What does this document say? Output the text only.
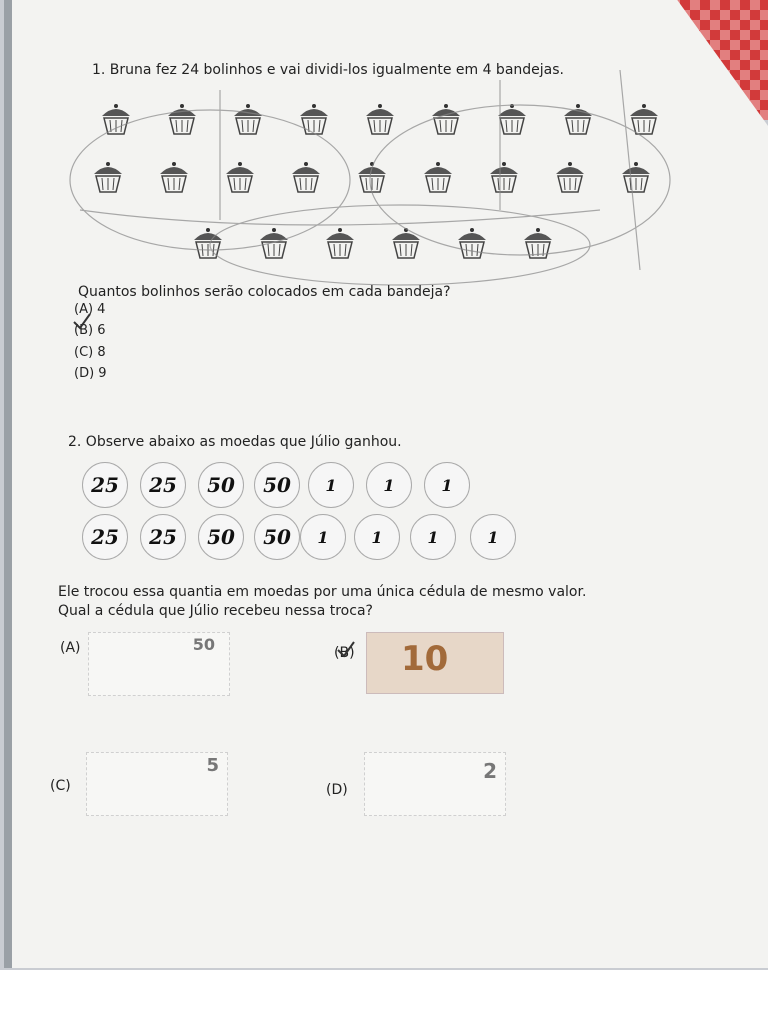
1. Bruna fez 24 bolinhos e vai dividi-los igualmente em 4 bandejas.
Quantos bolinhos serão colocados em cada bandeja?
(A) 4
(B) 6
(C) 8
(D) 9
2. Observe abaixo as moedas que Júlio ganhou.
25	25	50	50	1	1	1
25	25	50	50	1	1	1	1
Ele trocou essa quantia em moedas por uma única cédula de mesmo valor.
Qual a cédula que Júlio recebeu nessa troca?
(A)	50	(B) 10
(C)
5
(D)
2
